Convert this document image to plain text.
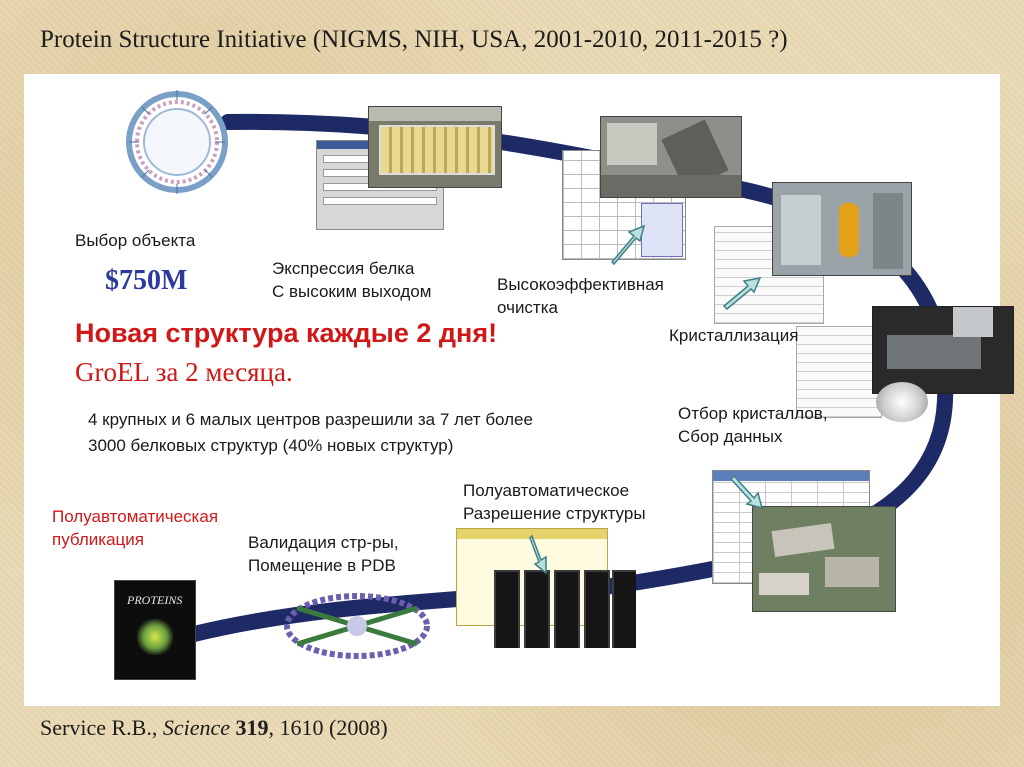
Protein Structure Initiative (NIGMS, NIH, USA, 2001-2010, 2011-2015 ?)
PROTEINS
Выбор объекта
$750M	Экспрессия белка
С высоким выходом	Высокоэффективная
очистка
Кристаллизация
Новая структура каждые 2 дня!
GroEL за 2 месяца.
4 крупных и 6 малых центров разрешили за 7 лет более
3000 белковых структур (40% новых структур)
Отбор кристаллов,
Сбор данных
Полуавтоматическое
Разрешение структуры
Полуавтоматическая
публикация	Валидация стр-ры,
Помещение в PDB
Service R.B., Science 319, 1610 (2008)
